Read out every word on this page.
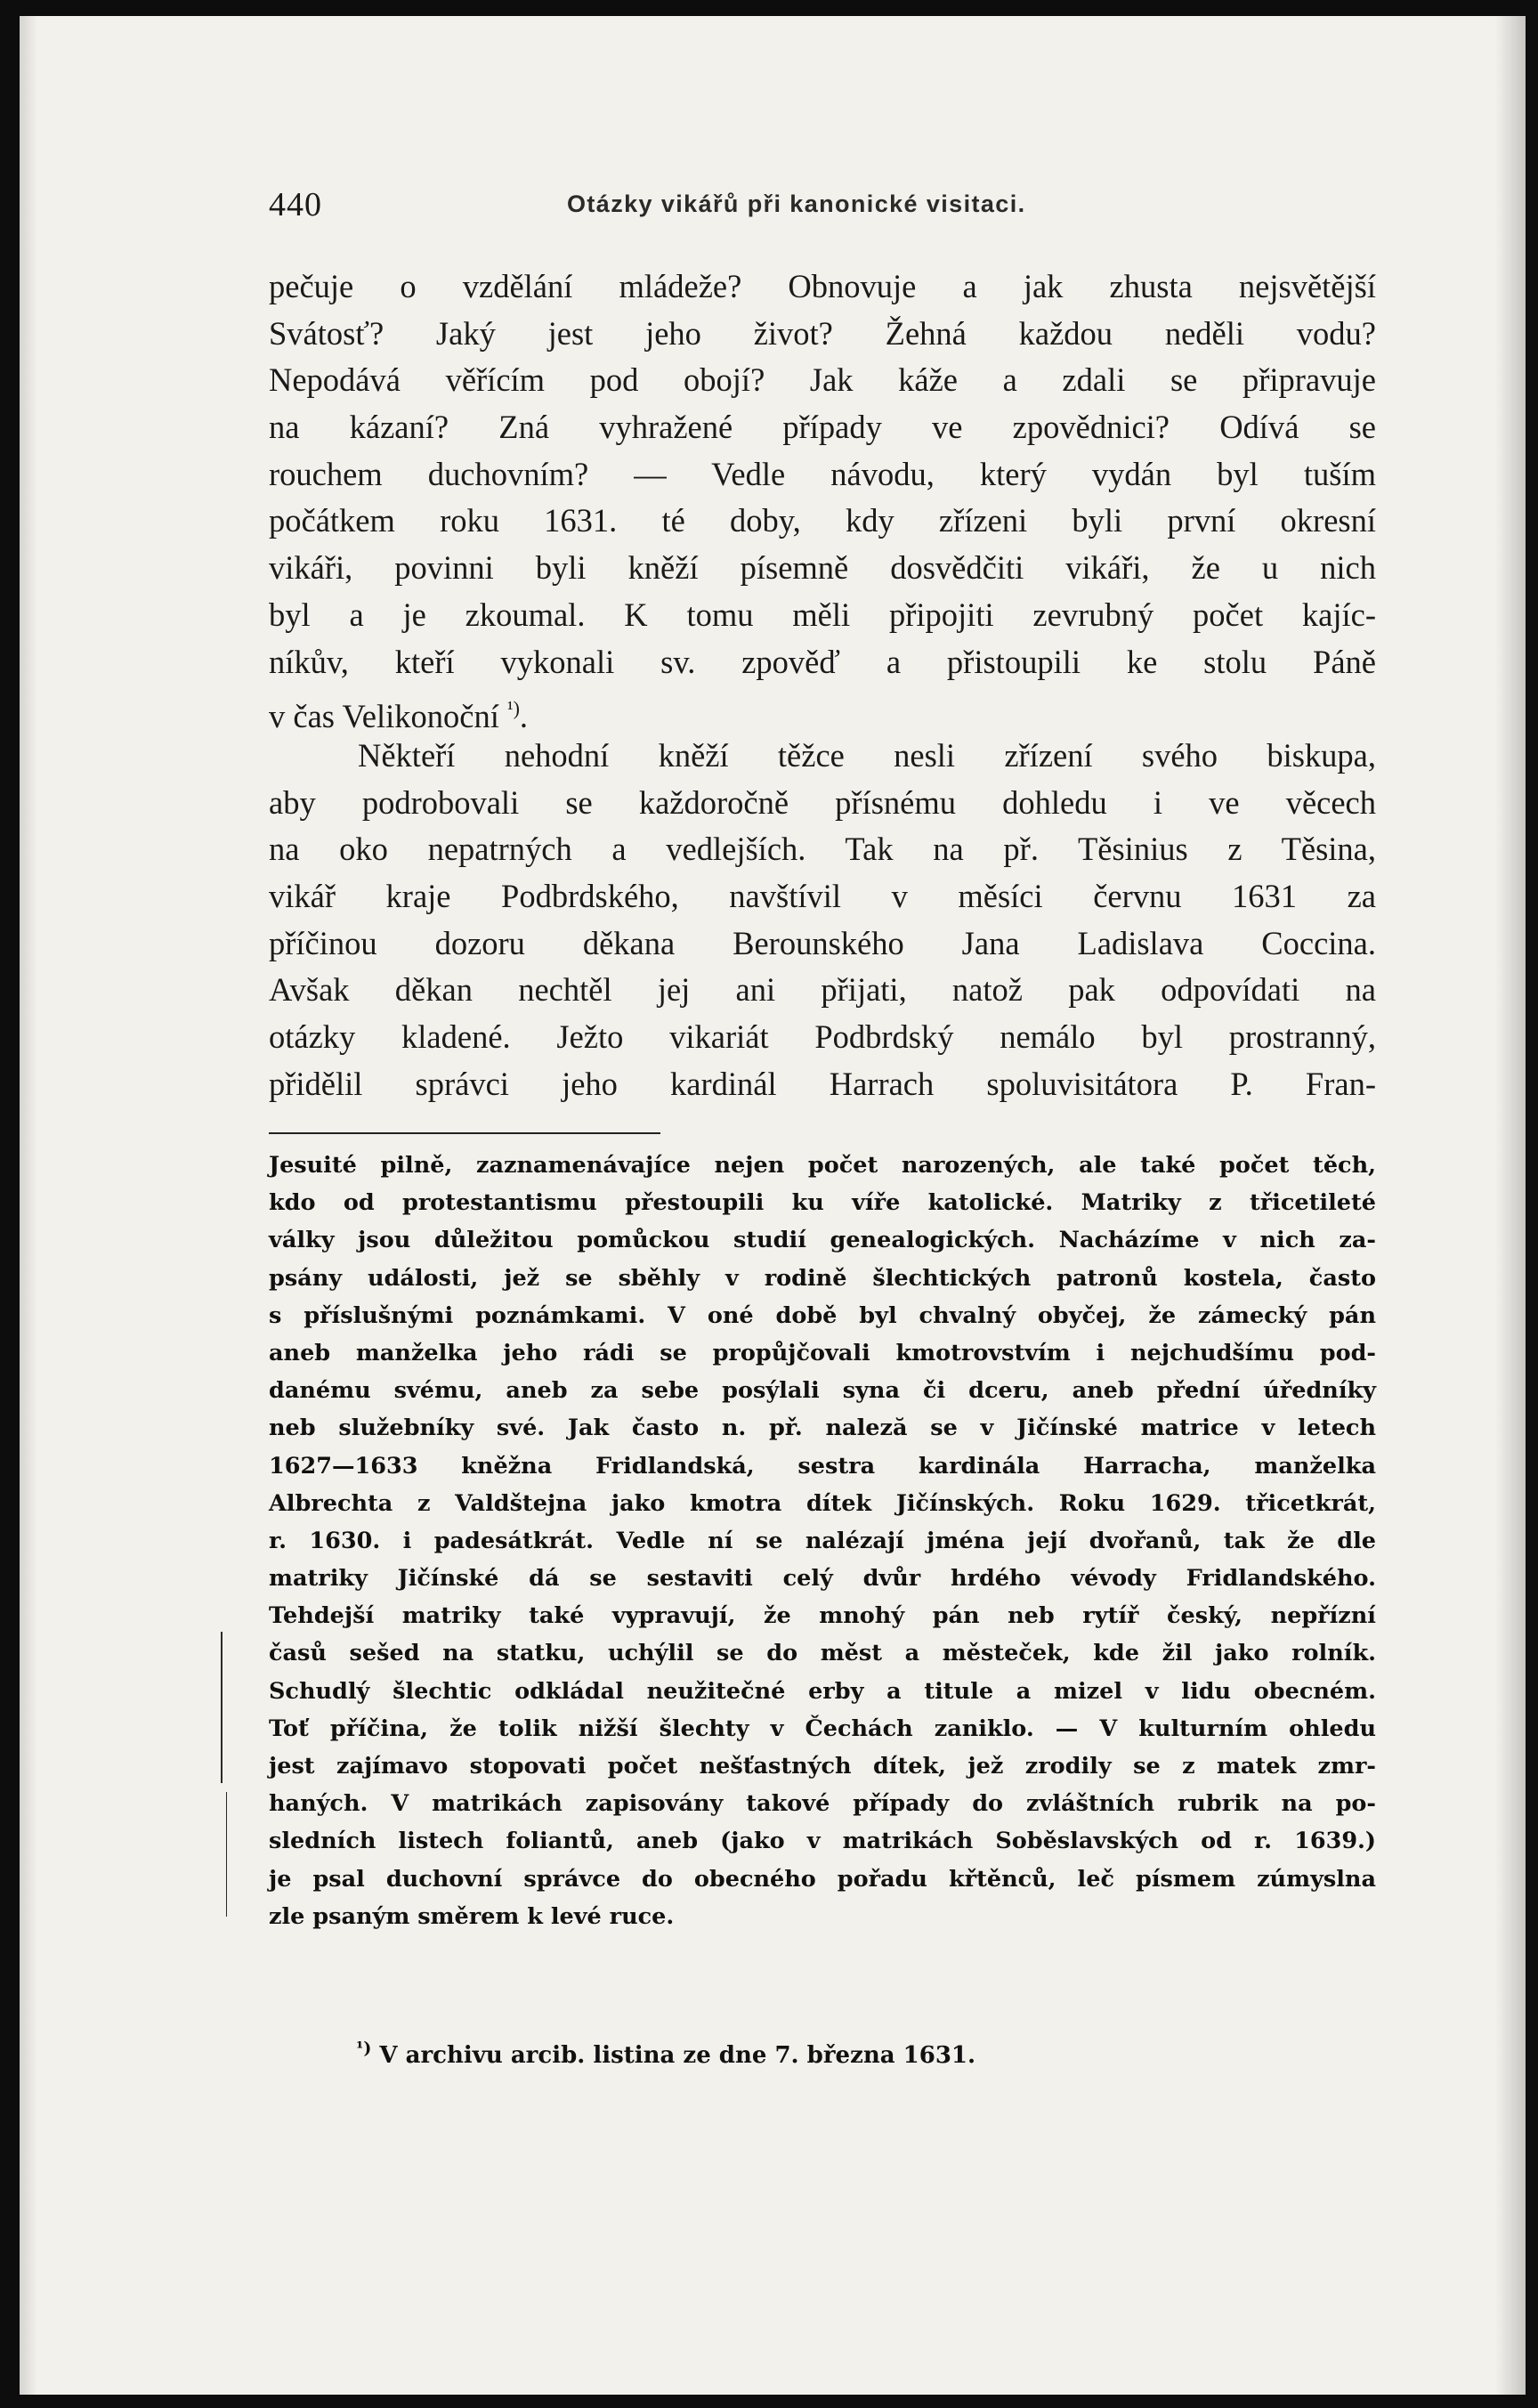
440	Otázky vikářů při kanonické visitaci.
pečuje o vzdělání mládeže? Obnovuje a jak zhusta nejsvětější
Svátosť? Jaký jest jeho život? Žehná každou neděli vodu?
Nepodává věřícím pod obojí? Jak káže a zdali se připravuje
na kázaní? Zná vyhražené případy ve zpovědnici? Odívá se
rouchem duchovním? — Vedle návodu, který vydán byl tuším
počátkem roku 1631. té doby, kdy zřízeni byli první okresní
vikáři, povinni byli kněží písemně dosvědčiti vikáři, že u nich
byl a je zkoumal. K tomu měli připojiti zevrubný počet kajíc-
níkův, kteří vykonali sv. zpověď a přistoupili ke stolu Páně
v čas Velikonoční $^{^1)}$.
Někteří nehodní kněží těžce nesli zřízení svého biskupa,
aby podrobovali se každoročně přísnému dohledu i ve věcech
na oko nepatrných a vedlejších. Tak na př. Těsinius z Těsina,
vikář kraje Podbrdského, navštívil v měsíci červnu 1631 za
příčinou dozoru děkana Berounského Jana Ladislava Coccina.
Avšak děkan nechtěl jej ani přijati, natož pak odpovídati na
otázky kladené. Ježto vikariát Podbrdský nemálo byl prostranný,
přidělil správci jeho kardinál Harrach spoluvisitátora P. Fran-
Jesuité pilně, zaznamenávajíce nejen počet narozených, ale také počet těch,
kdo od protestantismu přestoupili ku víře katolické. Matriky z třicetileté
války jsou důležitou pomůckou studií genealogických. Nacházíme v nich za-
psány události, jež se sběhly v rodině šlechtických patronů kostela, často
s příslušnými poznámkami. V oné době byl chvalný obyčej, že zámecký pán
aneb manželka jeho rádi se propůjčovali kmotrovstvím i nejchudšímu pod-
danému svému, aneb za sebe posýlali syna či dceru, aneb přední úředníky
neb služebníky své. Jak často n. př. naleză se v Jičínské matrice v letech
1627—1633 kněžna Fridlandská, sestra kardinála Harracha, manželka
Albrechta z Valdštejna jako kmotra dítek Jičínských. Roku 1629. třicetkrát,
r. 1630. i padesátkrát. Vedle ní se nalézají jména její dvořanů, tak že dle
matriky Jičínské dá se sestaviti celý dvůr hrdého vévody Fridlandského.
Tehdejší matriky také vypravují, že mnohý pán neb rytíř český, nepřízní
časů sešed na statku, uchýlil se do měst a městeček, kde žil jako rolník.
Schudlý šlechtic odkládal neužitečné erby a titule a mizel v lidu obecném.
Toť příčina, že tolik nižší šlechty v Čechách zaniklo. — V kulturním ohledu
jest zajímavo stopovati počet nešťastných dítek, jež zrodily se z matek zmr-
haných. V matrikách zapisovány takové případy do zvláštních rubrik na po-
sledních listech foliantů, aneb (jako v matrikách Soběslavských od r. 1639.)
je psal duchovní správce do obecného pořadu křtěnců, leč písmem zúmyslna
zle psaným směrem k levé ruce.
$^{^1)}$ V archivu arcib. listina ze dne 7. března 1631.
